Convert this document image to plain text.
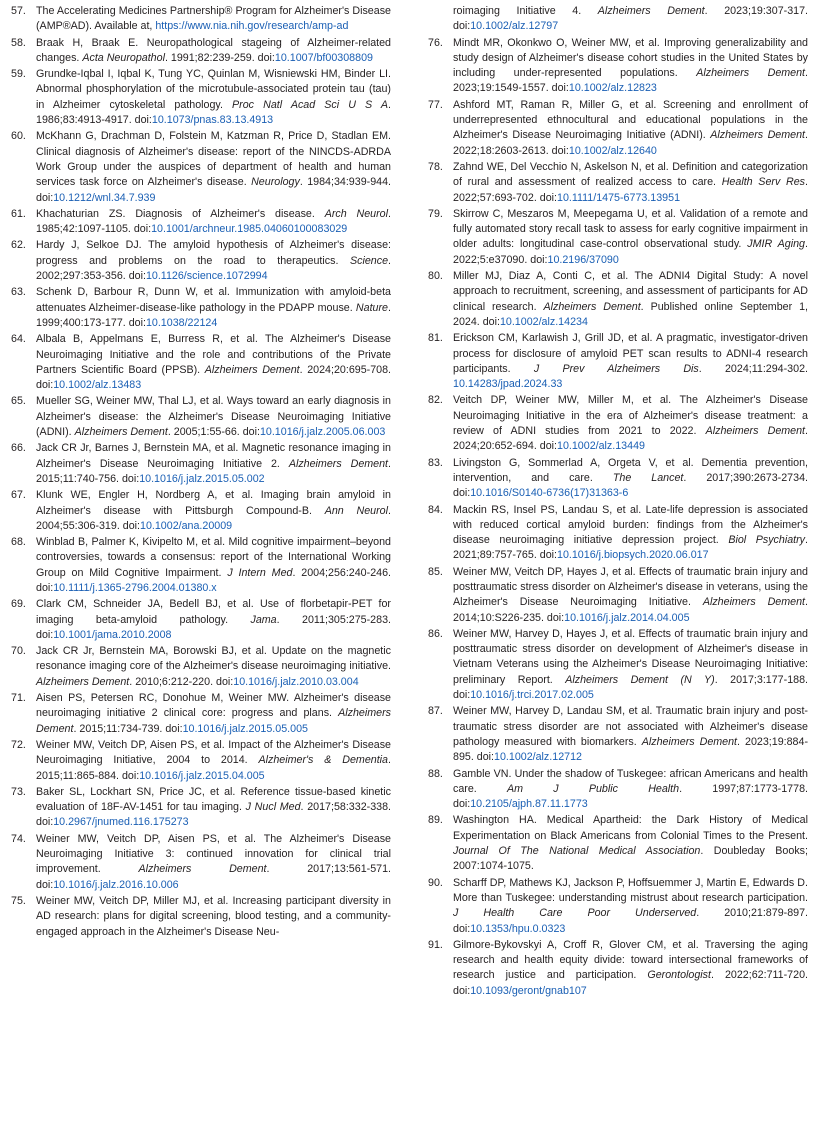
57. The Accelerating Medicines Partnership® Program for Alzheimer's Disease (AMP®AD). Available at, https://www.nia.nih.gov/research/amp-ad
58. Braak H, Braak E. Neuropathological stageing of Alzheimer-related changes. Acta Neuropathol. 1991;82:239-259. doi:10.1007/bf00308809
59. Grundke-Iqbal I, Iqbal K, Tung YC, Quinlan M, Wisniewski HM, Binder LI. Abnormal phosphorylation of the microtubule-associated protein tau (tau) in Alzheimer cytoskeletal pathology. Proc Natl Acad Sci U S A. 1986;83:4913-4917. doi:10.1073/pnas.83.13.4913
60. McKhann G, Drachman D, Folstein M, Katzman R, Price D, Stadlan EM. Clinical diagnosis of Alzheimer's disease: report of the NINCDS-ADRDA Work Group under the auspices of department of health and human services task force on Alzheimer's disease. Neurology. 1984;34:939-944. doi:10.1212/wnl.34.7.939
61. Khachaturian ZS. Diagnosis of Alzheimer's disease. Arch Neurol. 1985;42:1097-1105. doi:10.1001/archneur.1985.04060100083029
62. Hardy J, Selkoe DJ. The amyloid hypothesis of Alzheimer's disease: progress and problems on the road to therapeutics. Science. 2002;297:353-356. doi:10.1126/science.1072994
63. Schenk D, Barbour R, Dunn W, et al. Immunization with amyloid-beta attenuates Alzheimer-disease-like pathology in the PDAPP mouse. Nature. 1999;400:173-177. doi:10.1038/22124
64. Albala B, Appelmans E, Burress R, et al. The Alzheimer's Disease Neuroimaging Initiative and the role and contributions of the Private Partners Scientific Board (PPSB). Alzheimers Dement. 2024;20:695-708. doi:10.1002/alz.13483
65. Mueller SG, Weiner MW, Thal LJ, et al. Ways toward an early diagnosis in Alzheimer's disease: the Alzheimer's Disease Neuroimaging Initiative (ADNI). Alzheimers Dement. 2005;1:55-66. doi:10.1016/j.jalz.2005.06.003
66. Jack CR Jr, Barnes J, Bernstein MA, et al. Magnetic resonance imaging in Alzheimer's Disease Neuroimaging Initiative 2. Alzheimers Dement. 2015;11:740-756. doi:10.1016/j.jalz.2015.05.002
67. Klunk WE, Engler H, Nordberg A, et al. Imaging brain amyloid in Alzheimer's disease with Pittsburgh Compound-B. Ann Neurol. 2004;55:306-319. doi:10.1002/ana.20009
68. Winblad B, Palmer K, Kivipelto M, et al. Mild cognitive impairment–beyond controversies, towards a consensus: report of the International Working Group on Mild Cognitive Impairment. J Intern Med. 2004;256:240-246. doi:10.1111/j.1365-2796.2004.01380.x
69. Clark CM, Schneider JA, Bedell BJ, et al. Use of florbetapir-PET for imaging beta-amyloid pathology. Jama. 2011;305:275-283. doi:10.1001/jama.2010.2008
70. Jack CR Jr, Bernstein MA, Borowski BJ, et al. Update on the magnetic resonance imaging core of the Alzheimer's disease neuroimaging initiative. Alzheimers Dement. 2010;6:212-220. doi:10.1016/j.jalz.2010.03.004
71. Aisen PS, Petersen RC, Donohue M, Weiner MW. Alzheimer's disease neuroimaging initiative 2 clinical core: progress and plans. Alzheimers Dement. 2015;11:734-739. doi:10.1016/j.jalz.2015.05.005
72. Weiner MW, Veitch DP, Aisen PS, et al. Impact of the Alzheimer's Disease Neuroimaging Initiative, 2004 to 2014. Alzheimer's & Dementia. 2015;11:865-884. doi:10.1016/j.jalz.2015.04.005
73. Baker SL, Lockhart SN, Price JC, et al. Reference tissue-based kinetic evaluation of 18F-AV-1451 for tau imaging. J Nucl Med. 2017;58:332-338. doi:10.2967/jnumed.116.175273
74. Weiner MW, Veitch DP, Aisen PS, et al. The Alzheimer's Disease Neuroimaging Initiative 3: continued innovation for clinical trial improvement. Alzheimers Dement. 2017;13:561-571. doi:10.1016/j.jalz.2016.10.006
75. Weiner MW, Veitch DP, Miller MJ, et al. Increasing participant diversity in AD research: plans for digital screening, blood testing, and a community-engaged approach in the Alzheimer's Disease Neu-
roimaging Initiative 4. Alzheimers Dement. 2023;19:307-317. doi:10.1002/alz.12797
76. Mindt MR, Okonkwo O, Weiner MW, et al. Improving generalizability and study design of Alzheimer's disease cohort studies in the United States by including under-represented populations. Alzheimers Dement. 2023;19:1549-1557. doi:10.1002/alz.12823
77. Ashford MT, Raman R, Miller G, et al. Screening and enrollment of underrepresented ethnocultural and educational populations in the Alzheimer's Disease Neuroimaging Initiative (ADNI). Alzheimers Dement. 2022;18:2603-2613. doi:10.1002/alz.12640
78. Zahnd WE, Del Vecchio N, Askelson N, et al. Definition and categorization of rural and assessment of realized access to care. Health Serv Res. 2022;57:693-702. doi:10.1111/1475-6773.13951
79. Skirrow C, Meszaros M, Meepegama U, et al. Validation of a remote and fully automated story recall task to assess for early cognitive impairment in older adults: longitudinal case-control observational study. JMIR Aging. 2022;5:e37090. doi:10.2196/37090
80. Miller MJ, Diaz A, Conti C, et al. The ADNI4 Digital Study: A novel approach to recruitment, screening, and assessment of participants for AD clinical research. Alzheimers Dement. Published online September 1, 2024. doi:10.1002/alz.14234
81. Erickson CM, Karlawish J, Grill JD, et al. A pragmatic, investigator-driven process for disclosure of amyloid PET scan results to ADNI-4 research participants. J Prev Alzheimers Dis. 2024;11:294-302. 10.14283/jpad.2024.33
82. Veitch DP, Weiner MW, Miller M, et al. The Alzheimer's Disease Neuroimaging Initiative in the era of Alzheimer's disease treatment: a review of ADNI studies from 2021 to 2022. Alzheimers Dement. 2024;20:652-694. doi:10.1002/alz.13449
83. Livingston G, Sommerlad A, Orgeta V, et al. Dementia prevention, intervention, and care. The Lancet. 2017;390:2673-2734. doi:10.1016/S0140-6736(17)31363-6
84. Mackin RS, Insel PS, Landau S, et al. Late-life depression is associated with reduced cortical amyloid burden: findings from the Alzheimer's disease neuroimaging initiative depression project. Biol Psychiatry. 2021;89:757-765. doi:10.1016/j.biopsych.2020.06.017
85. Weiner MW, Veitch DP, Hayes J, et al. Effects of traumatic brain injury and posttraumatic stress disorder on Alzheimer's disease in veterans, using the Alzheimer's Disease Neuroimaging Initiative. Alzheimers Dement. 2014;10:S226-235. doi:10.1016/j.jalz.2014.04.005
86. Weiner MW, Harvey D, Hayes J, et al. Effects of traumatic brain injury and posttraumatic stress disorder on development of Alzheimer's disease in Vietnam Veterans using the Alzheimer's Disease Neuroimaging Initiative: preliminary Report. Alzheimers Dement (N Y). 2017;3:177-188. doi:10.1016/j.trci.2017.02.005
87. Weiner MW, Harvey D, Landau SM, et al. Traumatic brain injury and post-traumatic stress disorder are not associated with Alzheimer's disease pathology measured with biomarkers. Alzheimers Dement. 2023;19:884-895. doi:10.1002/alz.12712
88. Gamble VN. Under the shadow of Tuskegee: african Americans and health care. Am J Public Health. 1997;87:1773-1778. doi:10.2105/ajph.87.11.1773
89. Washington HA. Medical Apartheid: the Dark History of Medical Experimentation on Black Americans from Colonial Times to the Present. Journal Of The National Medical Association. Doubleday Books; 2007:1074-1075.
90. Scharff DP, Mathews KJ, Jackson P, Hoffsuemmer J, Martin E, Edwards D. More than Tuskegee: understanding mistrust about research participation. J Health Care Poor Underserved. 2010;21:879-897. doi:10.1353/hpu.0.0323
91. Gilmore-Bykovskyi A, Croff R, Glover CM, et al. Traversing the aging research and health equity divide: toward intersectional frameworks of research justice and participation. Gerontologist. 2022;62:711-720. doi:10.1093/geront/gnab107
